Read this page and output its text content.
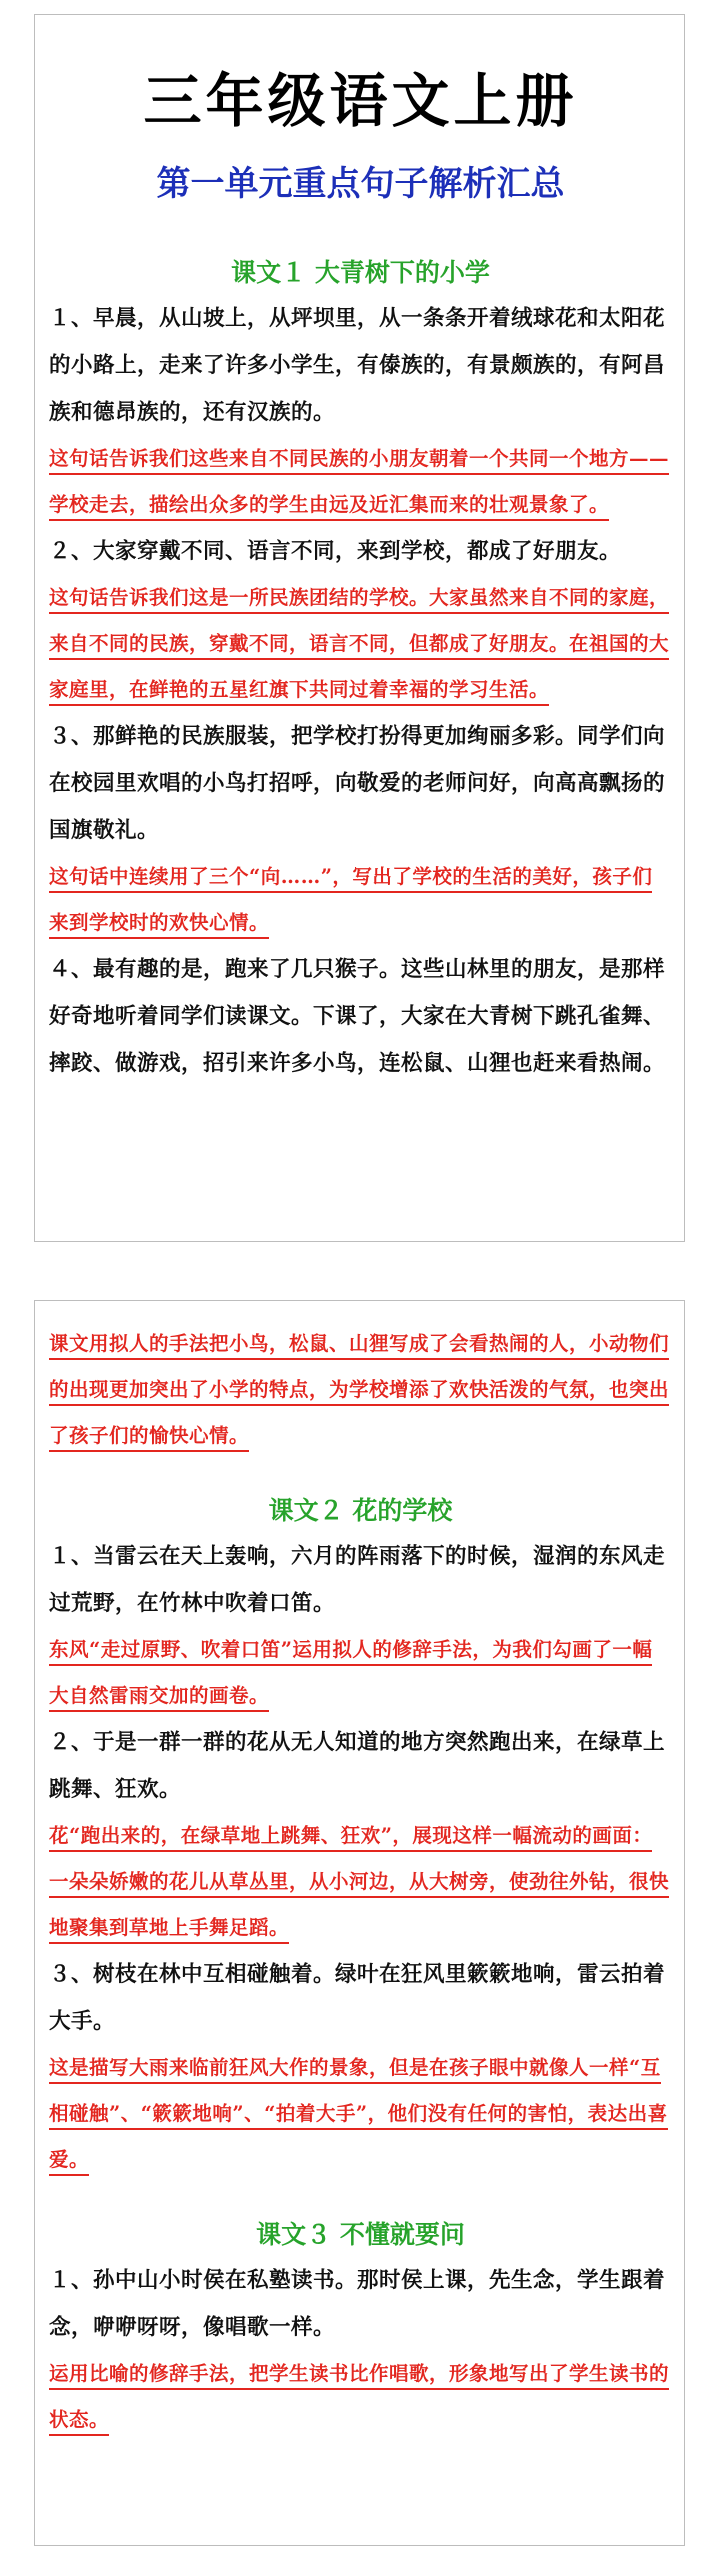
三年级语文上册
第一单元重点句子解析汇总
课文１ 大青树下的小学
１、早晨，从山坡上，从坪坝里，从一条条开着绒球花和太阳花的小路上，走来了许多小学生，有傣族的，有景颇族的，有阿昌族和德昂族的，还有汉族的。
这句话告诉我们这些来自不同民族的小朋友朝着一个共同一个地方——学校走去，描绘出众多的学生由远及近汇集而来的壮观景象了。
２、大家穿戴不同、语言不同，来到学校，都成了好朋友。
这句话告诉我们这是一所民族团结的学校。大家虽然来自不同的家庭，来自不同的民族，穿戴不同，语言不同，但都成了好朋友。在祖国的大家庭里，在鲜艳的五星红旗下共同过着幸福的学习生活。
３、那鲜艳的民族服装，把学校打扮得更加绚丽多彩。同学们向在校园里欢唱的小鸟打招呼，向敬爱的老师问好，向高高飘扬的国旗敬礼。
这句话中连续用了三个“向……”，写出了学校的生活的美好，孩子们来到学校时的欢快心情。
４、最有趣的是，跑来了几只猴子。这些山林里的朋友，是那样好奇地听着同学们读课文。下课了，大家在大青树下跳孔雀舞、摔跤、做游戏，招引来许多小鸟，连松鼠、山狸也赶来看热闹。
课文用拟人的手法把小鸟，松鼠、山狸写成了会看热闹的人，小动物们的出现更加突出了小学的特点，为学校增添了欢快活泼的气氛，也突出了孩子们的愉快心情。
课文２ 花的学校
１、当雷云在天上轰响，六月的阵雨落下的时候，湿润的东风走过荒野，在竹林中吹着口笛。
东风“走过原野、吹着口笛”运用拟人的修辞手法，为我们勾画了一幅大自然雷雨交加的画卷。
２、于是一群一群的花从无人知道的地方突然跑出来，在绿草上跳舞、狂欢。
花“跑出来的，在绿草地上跳舞、狂欢”，展现这样一幅流动的画面：一朵朵娇嫩的花儿从草丛里，从小河边，从大树旁，使劲往外钻，很快地聚集到草地上手舞足蹈。
３、树枝在林中互相碰触着。绿叶在狂风里簌簌地响，雷云拍着大手。
这是描写大雨来临前狂风大作的景象，但是在孩子眼中就像人一样“互相碰触”、“簌簌地响”、“拍着大手”，他们没有任何的害怕，表达出喜爱。
课文３ 不懂就要问
１、孙中山小时侯在私塾读书。那时侯上课，先生念，学生跟着念，咿咿呀呀，像唱歌一样。
运用比喻的修辞手法，把学生读书比作唱歌，形象地写出了学生读书的状态。
